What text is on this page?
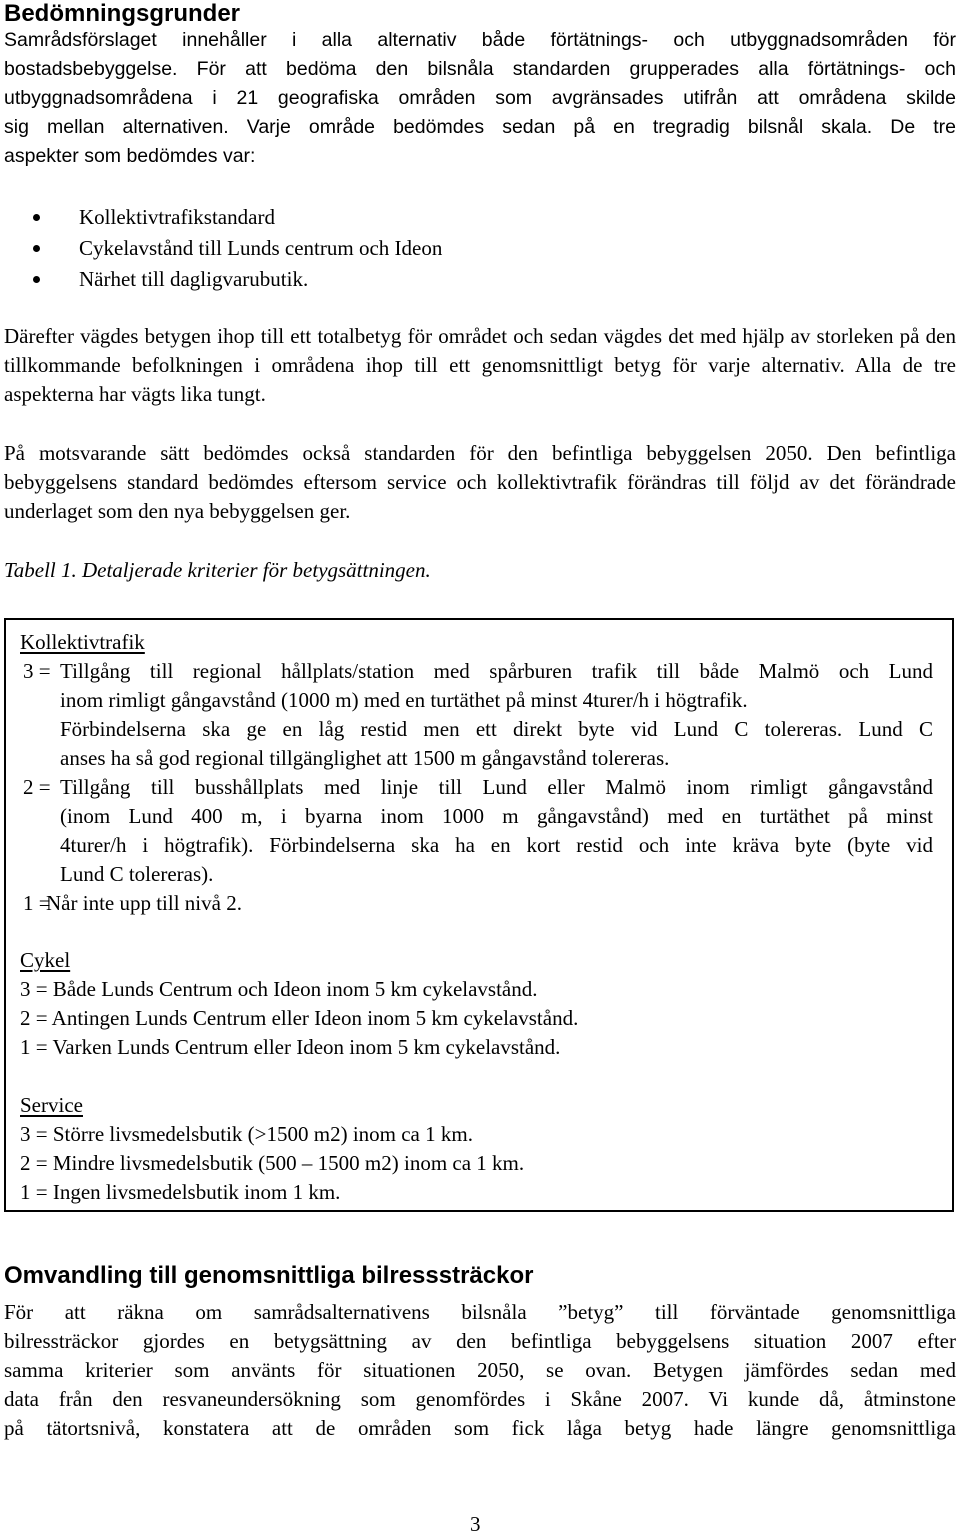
Bedömningsgrunder
Samrådsförslaget innehåller i alla alternativ både förtätnings- och utbyggnadsområden för
bostadsbebyggelse. För att bedöma den bilsnåla standarden grupperades alla förtätnings- och
utbyggnadsområdena i 21 geografiska områden som avgränsades utifrån att områdena skilde
sig mellan alternativen. Varje område bedömdes sedan på en tregradig bilsnål skala. De tre
aspekter som bedömdes var:
Kollektivtrafikstandard
Cykelavstånd till Lunds centrum och Ideon
Närhet till dagligvarubutik.
Därefter vägdes betygen ihop till ett totalbetyg för området och sedan vägdes det med hjälp av storleken på den tillkommande befolkningen i områdena ihop till ett genomsnittligt betyg för varje alternativ. Alla de tre aspekterna har vägts lika tungt.
På motsvarande sätt bedömdes också standarden för den befintliga bebyggelsen 2050. Den befintliga bebyggelsens standard bedömdes eftersom service och kollektivtrafik förändras till följd av det förändrade underlaget som den nya bebyggelsen ger.
Tabell 1. Detaljerade kriterier för betygsättningen.
Kollektivtrafik
3 = Tillgång till regional hållplats/station med spårburen trafik till både Malmö och Lund
inom rimligt gångavstånd (1000 m) med en turtäthet på minst 4turer/h i högtrafik.
Förbindelserna ska ge en låg restid men ett direkt byte vid Lund C tolereras. Lund C
anses ha så god regional tillgänglighet att 1500 m gångavstånd tolereras.
2 = Tillgång till busshållplats med linje till Lund eller Malmö inom rimligt gångavstånd
(inom Lund 400 m, i byarna inom 1000 m gångavstånd) med en turtäthet på minst
4turer/h i högtrafik). Förbindelserna ska ha en kort restid och inte kräva byte (byte vid
Lund C tolereras).
1 =
Når inte upp till nivå 2.
Cykel
3 = Både Lunds Centrum och Ideon inom 5 km cykelavstånd.
2 = Antingen Lunds Centrum eller Ideon inom 5 km cykelavstånd.
1 = Varken Lunds Centrum eller Ideon inom 5 km cykelavstånd.
Service
3 = Större livsmedelsbutik (>1500 m2) inom ca 1 km.
2 = Mindre livsmedelsbutik (500 – 1500 m2) inom ca 1 km.
1 = Ingen livsmedelsbutik inom 1 km.
Omvandling till genomsnittliga bilresssträckor
För att räkna om samrådsalternativens bilsnåla ”betyg” till förväntade genomsnittliga
bilressträckor gjordes en betygsättning av den befintliga bebyggelsens situation 2007 efter
samma kriterier som använts för situationen 2050, se ovan. Betygen jämfördes sedan med
data från den resvaneundersökning som genomfördes i Skåne 2007. Vi kunde då, åtminstone
på tätortsnivå, konstatera att de områden som fick låga betyg hade längre genomsnittliga
3
